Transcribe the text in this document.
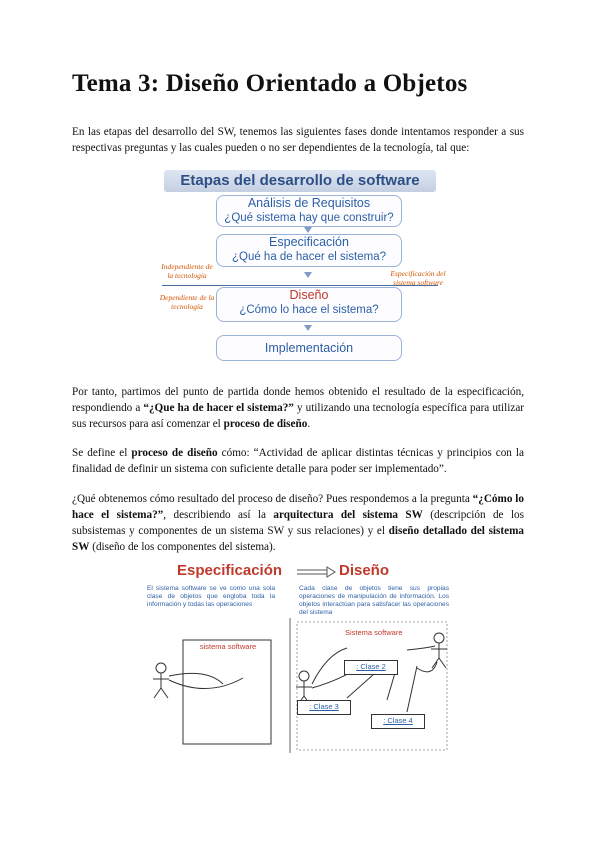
Tema 3: Diseño Orientado a Objetos

En las etapas del desarrollo del SW, tenemos las siguientes fases donde intentamos responder a sus respectivas preguntas y las cuales pueden o no ser dependientes de la tecnología, tal que:

Etapas del desarrollo de software
Análisis de Requisitos
¿Qué sistema hay que construir?
Especificación
¿Qué ha de hacer el sistema?
Diseño
¿Cómo lo hace el sistema?
Implementación
Independiente de la tecnología
Dependiente de la tecnología
Especificación del sistema software

Por tanto, partimos del punto de partida donde hemos obtenido el resultado de la especificación, respondiendo a “¿Que ha de hacer el sistema?” y utilizando una tecnología específica para utilizar sus recursos para así comenzar el proceso de diseño.

Se define el proceso de diseño cómo: “Actividad de aplicar distintas técnicas y principios con la finalidad de definir un sistema con suficiente detalle para poder ser implementado”.

¿Qué obtenemos cómo resultado del proceso de diseño? Pues respondemos a la pregunta “¿Cómo lo hace el sistema?”, describiendo así la arquitectura del sistema SW (descripción de los subsistemas y componentes de un sistema SW y sus relaciones) y el diseño detallado del sistema SW (diseño de los componentes del sistema).

Especificación	Diseño
El sistema software se ve como una sola clase de objetos que engloba toda la información y todas las operaciones
Cada clase de objetos tiene sus propias operaciones de manipulación de información. Los objetos interactúan para satisfacer las operaciones del sistema
sistema software
Sistema software
: Clase 2
: Clase 3
: Clase 4
